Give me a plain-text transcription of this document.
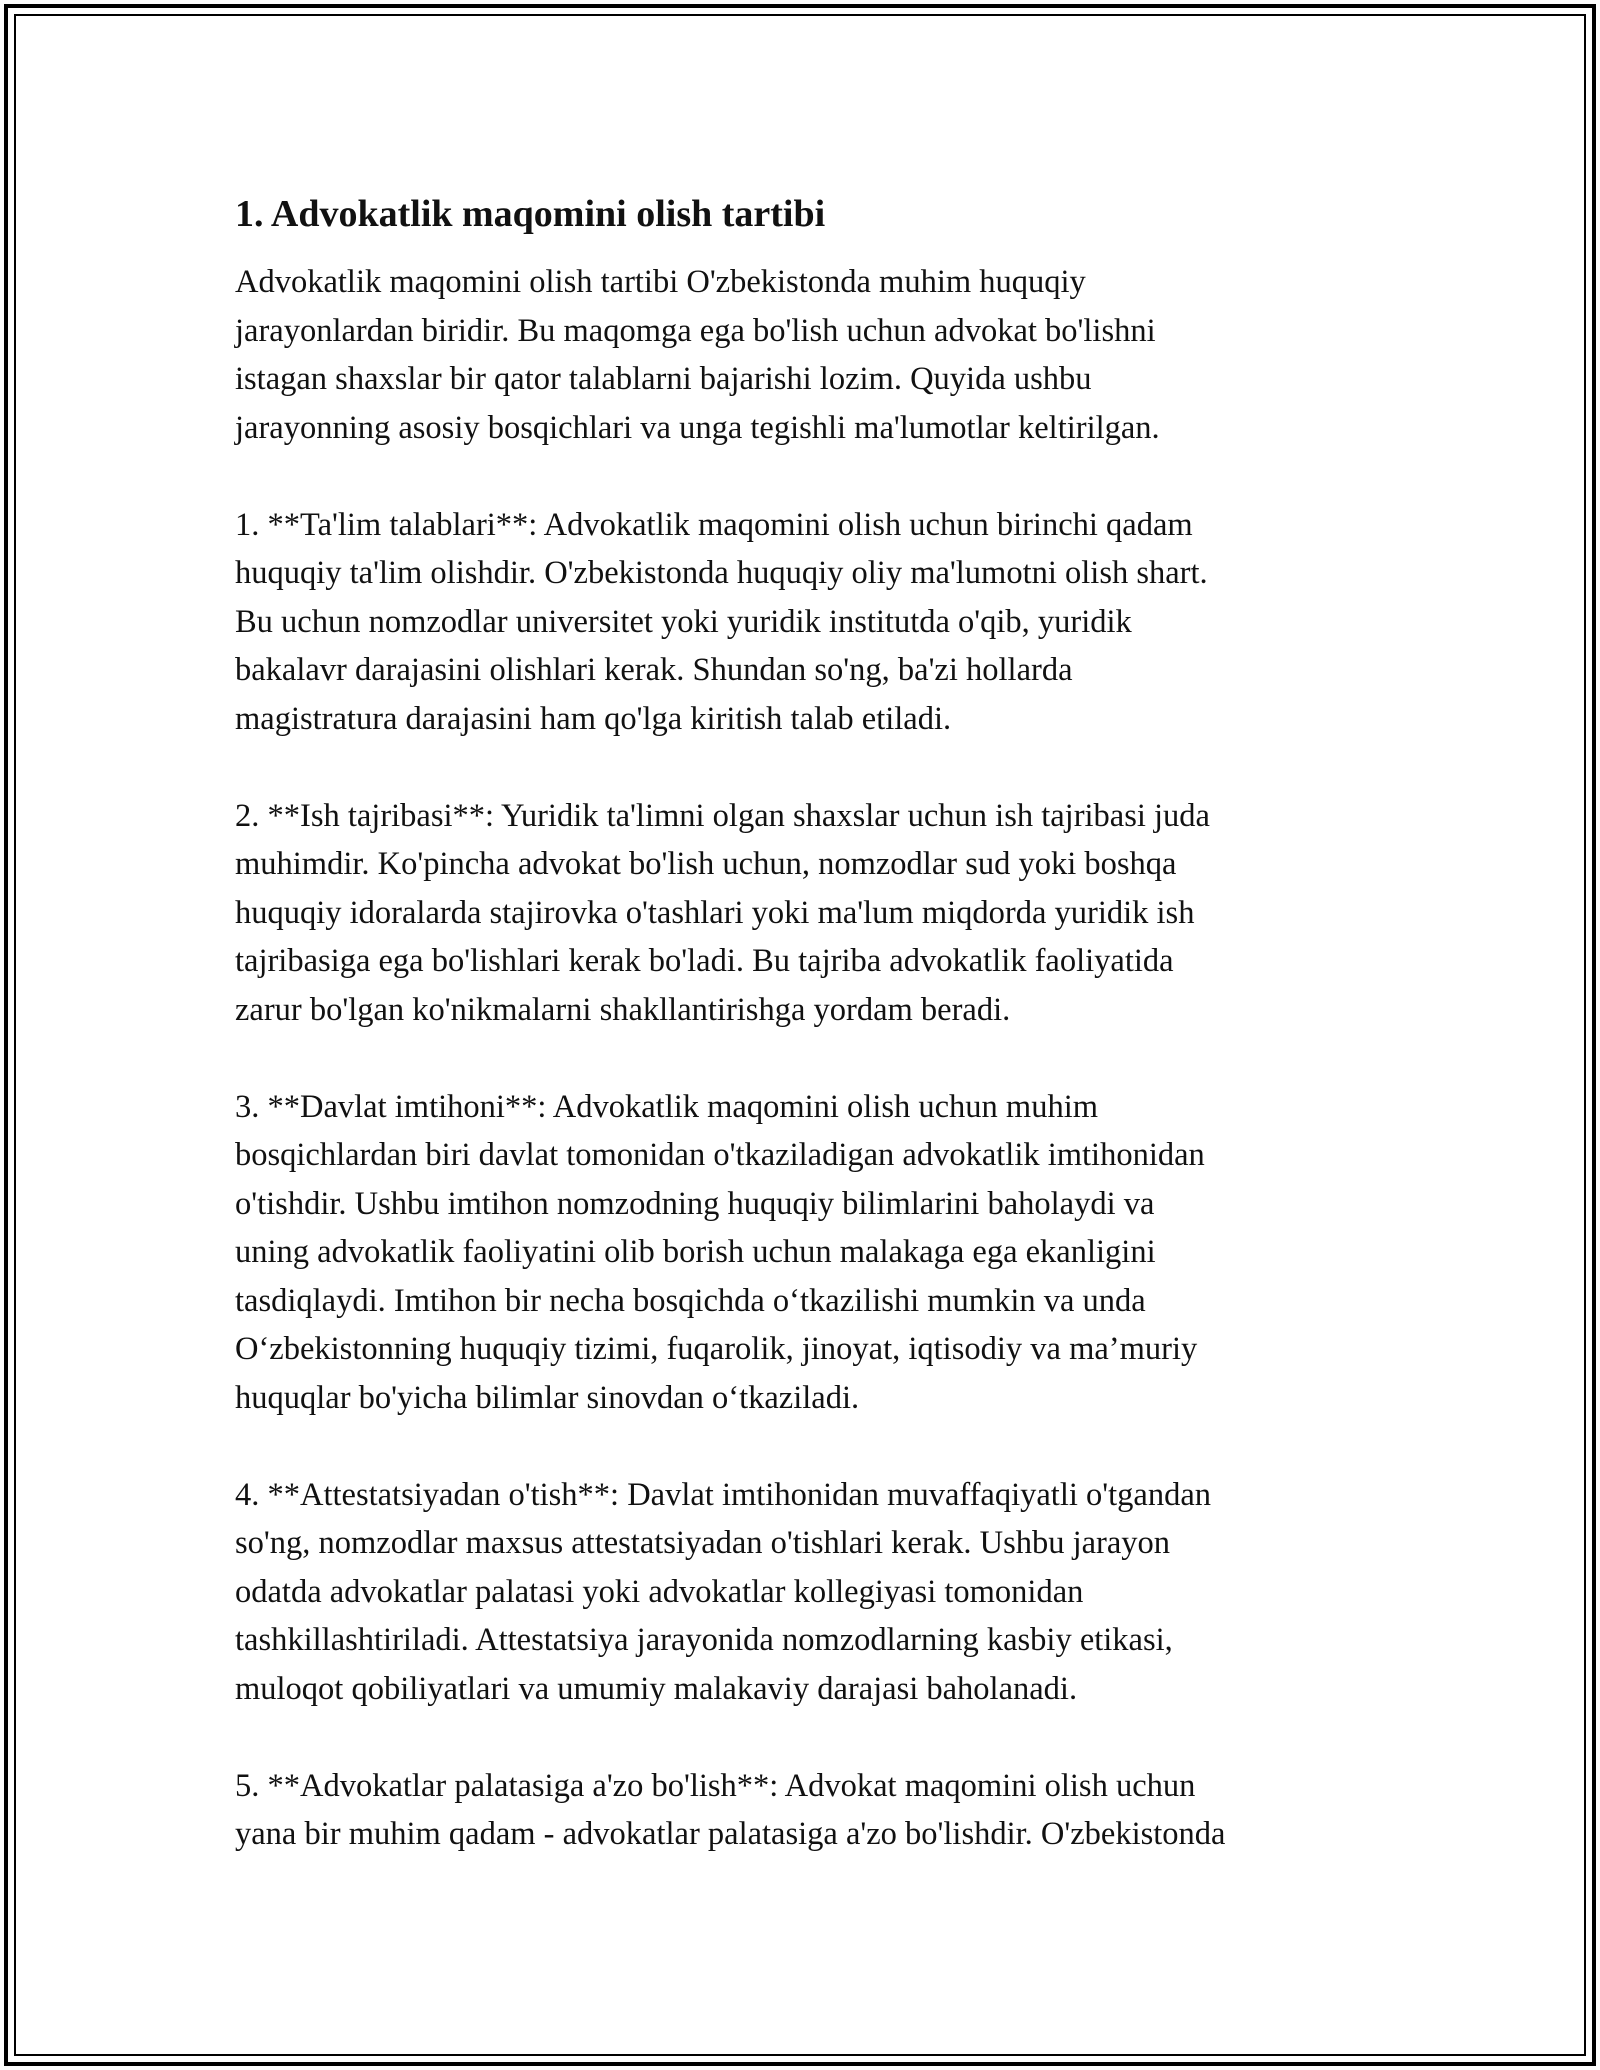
1. Advokatlik maqomini olish tartibi

Advokatlik maqomini olish tartibi O'zbekistonda muhim huquqiy
jarayonlardan biridir. Bu maqomga ega bo'lish uchun advokat bo'lishni
istagan shaxslar bir qator talablarni bajarishi lozim. Quyida ushbu
jarayonning asosiy bosqichlari va unga tegishli ma'lumotlar keltirilgan.

1. **Ta'lim talablari**: Advokatlik maqomini olish uchun birinchi qadam
huquqiy ta'lim olishdir. O'zbekistonda huquqiy oliy ma'lumotni olish shart.
Bu uchun nomzodlar universitet yoki yuridik institutda o'qib, yuridik
bakalavr darajasini olishlari kerak. Shundan so'ng, ba'zi hollarda
magistratura darajasini ham qo'lga kiritish talab etiladi.

2. **Ish tajribasi**: Yuridik ta'limni olgan shaxslar uchun ish tajribasi juda
muhimdir. Ko'pincha advokat bo'lish uchun, nomzodlar sud yoki boshqa
huquqiy idoralarda stajirovka o'tashlari yoki ma'lum miqdorda yuridik ish
tajribasiga ega bo'lishlari kerak bo'ladi. Bu tajriba advokatlik faoliyatida
zarur bo'lgan ko'nikmalarni shakllantirishga yordam beradi.

3. **Davlat imtihoni**: Advokatlik maqomini olish uchun muhim
bosqichlardan biri davlat tomonidan o'tkaziladigan advokatlik imtihonidan
o'tishdir. Ushbu imtihon nomzodning huquqiy bilimlarini baholaydi va
uning advokatlik faoliyatini olib borish uchun malakaga ega ekanligini
tasdiqlaydi. Imtihon bir necha bosqichda o‘tkazilishi mumkin va unda
O‘zbekistonning huquqiy tizimi, fuqarolik, jinoyat, iqtisodiy va ma’muriy
huquqlar bo'yicha bilimlar sinovdan o‘tkaziladi.

4. **Attestatsiyadan o'tish**: Davlat imtihonidan muvaffaqiyatli o'tgandan
so'ng, nomzodlar maxsus attestatsiyadan o'tishlari kerak. Ushbu jarayon
odatda advokatlar palatasi yoki advokatlar kollegiyasi tomonidan
tashkillashtiriladi. Attestatsiya jarayonida nomzodlarning kasbiy etikasi,
muloqot qobiliyatlari va umumiy malakaviy darajasi baholanadi.

5. **Advokatlar palatasiga a'zo bo'lish**: Advokat maqomini olish uchun
yana bir muhim qadam - advokatlar palatasiga a'zo bo'lishdir. O'zbekistonda
